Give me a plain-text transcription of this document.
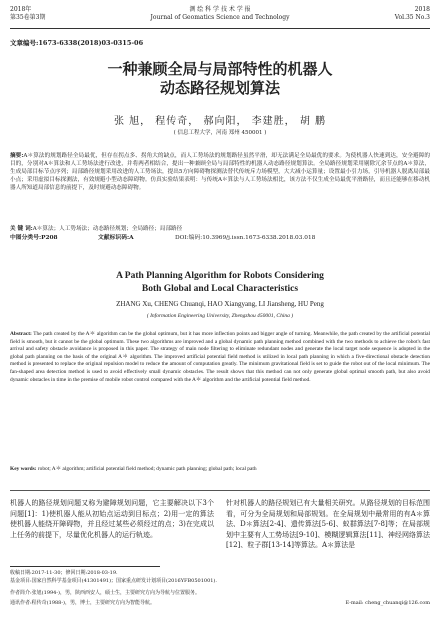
2018年
第35卷第3期
测 绘 科 学 技 术 学 报
Journal of Geomatics Science and Technology
2018
Vol.35 No.3
文章编号:1673-6338(2018)03-0315-06
一种兼顾全局与局部特性的机器人
动态路径规划算法
张 旭， 程传奇， 郝向阳， 李建胜， 胡 鹏
( 信息工程大学，河南 郑州 450001 )
摘要:A＊算法的规划路径全局最优，但存在拐点多、拐角大的缺点，而人工势场法的规划路径虽然平滑，却无法满足全局最优的要求。为使机器人快速到达，安全避障的目的，分别对A＊算法和人工势场法进行改进，并将两者相结合，提出一种兼顾全局与局部特性的机器人动态路径规划算法。全局路径规划采用剔除冗余节点的A＊算法，生成局部目标节点序列；局部路径规划采用改进的人工势场法，提出5方向障碍物探测法替代传统斥力场模型，大大减小运算量；设置最小引力场，引导机器人脱离局部最小点；采用虚拟目标探测法，有效规避小型动态障碍物。仿真实验结果表明：与传统A＊算法与人工势场法相比，该方法不仅生成全局最优平滑路径，而且还能够在移动机器人所知道局部信息的前提下，及时规避动态障碍物。
关 键 词:A＊算法；人工势场法；动态路径规划；全局路径；局部路径
中图分类号:P208	文献标识码:A	DOI:编码:10.3969/j.issn.1673-6338.2018.03.018
A Path Planning Algorithm for Robots Considering
Both Global and Local Characteristics
ZHANG Xu, CHENG Chuanqi, HAO Xiangyang, LI Jiansheng, HU Peng
( Information Engineering University, Zhengzhou 450001, China )
Abstract: The path created by the A＊ algorithm can be the global optimum, but it has more inflection points and bigger angle of turning. Meanwhile, the path created by the artificial potential field is smooth, but it cannot be the global optimum. These two algorithms are improved and a global dynamic path planning method combined with the two methods to achieve the robot's fast arrival and safety obstacle avoidance is proposed in this paper. The strategy of main node filtering to eliminate redundant nodes and generate the local target node sequence is adopted in the global path planning on the basis of the original A＊ algorithm. The improved artificial potential field method is utilized in local path planning in which a five-directional obstacle detection method is presented to replace the original repulsion model to reduce the amount of computation greatly. The minimum gravitational field is set to guide the robot out of the local minimum. The fan-shaped area detection method is used to avoid effectively small dynamic obstacles. The result shows that this method can not only generate global optimal smooth path, but also avoid dynamic obstacles in time in the premise of mobile robot control compared with the A＊ algorithm and the artificial potential field method.
Key words: robot; A＊ algorithm; artificial potential field method; dynamic path planning; global path; local path
机器人的路径规划问题又称为避障规划问题，它主要解决以下3个问题[1]：1)使机器人能从初始点运动到目标点；2)用一定的算法使机器人能绕开障碍物，并且经过某些必须经过的点；3)在完成以上任务的前提下，尽量优化机器人的运行轨迹。
针对机器人的路径规划已有大量相关研究。从路径规划的目标范围看，可分为全局规划和局部规划。在全局规划中最常用的有A＊算法、D＊算法[2-4]、遗传算法[5-6]、蚁群算法[7-8]等；在局部规划中主要有人工势场法[9-10]、模糊逻辑算法[11]、神经网络算法[12]、粒子群[13-14]等算法。A＊算法是
收稿日期:2017-11-30；修回日期:2018-03-19.
基金项目:国家自然科学基金项目(41301491)；国家重点研发计划项目(2016YFB0501001).
作者简介:张旭(1994-)，男，陕西西安人，硕士生，主要研究方向为导航与位置服务。
通讯作者:程传奇(1988-)，男，博士，主要研究方向为智能导航。	E-mail: cheng_chuanqi@126.com
